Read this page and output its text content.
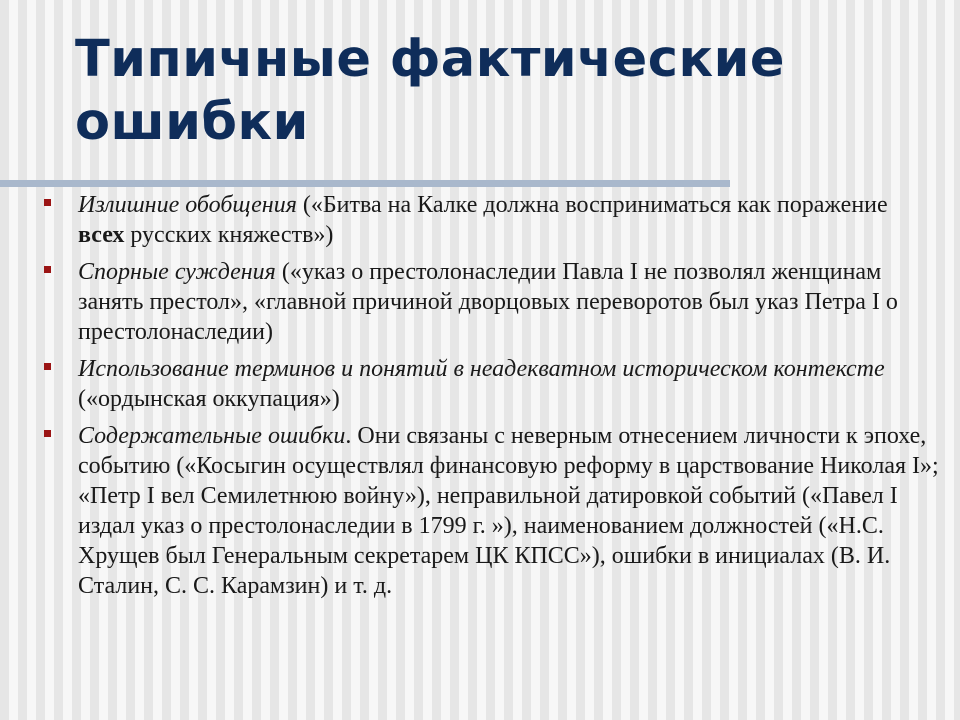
Типичные фактические ошибки
Излишние обобщения («Битва на Калке должна восприниматься как поражение всех русских княжеств»)
Спорные суждения («указ о престолонаследии Павла I не позволял женщинам занять престол», «главной причиной дворцовых переворотов был указ Петра I о престолонаследии)
Использование терминов и понятий в неадекватном историческом контексте («ордынская оккупация»)
Содержательные ошибки. Они связаны с неверным отнесением личности к эпохе, событию («Косыгин осуществлял финансовую реформу в царствование Николая I»; «Петр I вел Семилетнюю войну»), неправильной датировкой событий («Павел I издал указ о престолонаследии в 1799 г. »), наименованием должностей («Н.С. Хрущев был Генеральным секретарем ЦК КПСС»), ошибки в инициалах (В. И. Сталин, С. С. Карамзин) и т. д.
